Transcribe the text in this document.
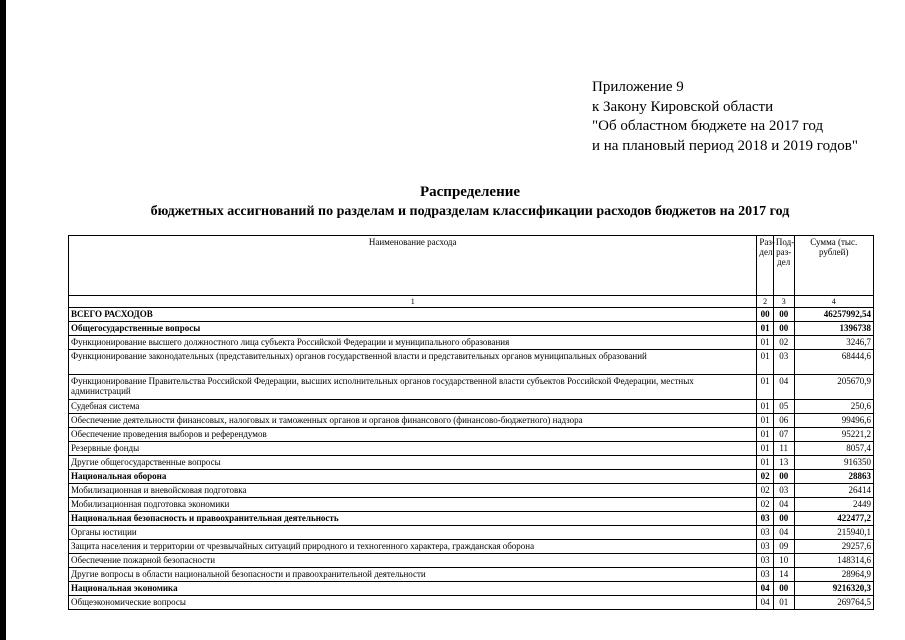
Приложение 9
к Закону Кировской области
"Об областном бюджете на 2017 год
и на плановый период 2018 и 2019 годов"
Распределение
бюджетных ассигнований по разделам и подразделам классификации расходов бюджетов на 2017 год
Наименование расхода	Раз-дел	Под-раз-дел	Сумма (тыс. рублей)
1	2	3	4
ВСЕГО РАСХОДОВ	00	00	46257992,54
Общегосударственные вопросы	01	00	1396738
Функционирование высшего должностного лица субъекта Российской Федерации и муниципального образования	01	02	3246,7
Функционирование законодательных (представительных) органов государственной власти и представительных органов муниципальных образований	01	03	68444,6
Функционирование Правительства Российской Федерации, высших исполнительных органов государственной власти субъектов Российской Федерации, местных администраций	01	04	205670,9
Судебная система	01	05	250,6
Обеспечение деятельности финансовых, налоговых и таможенных органов и органов финансового (финансово-бюджетного) надзора	01	06	99496,6
Обеспечение проведения выборов и референдумов	01	07	95221,2
Резервные фонды	01	11	8057,4
Другие общегосударственные вопросы	01	13	916350
Национальная оборона	02	00	28863
Мобилизационная и вневойсковая подготовка	02	03	26414
Мобилизационная подготовка экономики	02	04	2449
Национальная безопасность и правоохранительная деятельность	03	00	422477,2
Органы юстиции	03	04	215940,1
Защита населения и территории от чрезвычайных ситуаций природного и техногенного характера, гражданская оборона	03	09	29257,6
Обеспечение пожарной безопасности	03	10	148314,6
Другие вопросы в области национальной безопасности и правоохранительной деятельности	03	14	28964,9
Национальная экономика	04	00	9216320,3
Общеэкономические вопросы	04	01	269764,5
